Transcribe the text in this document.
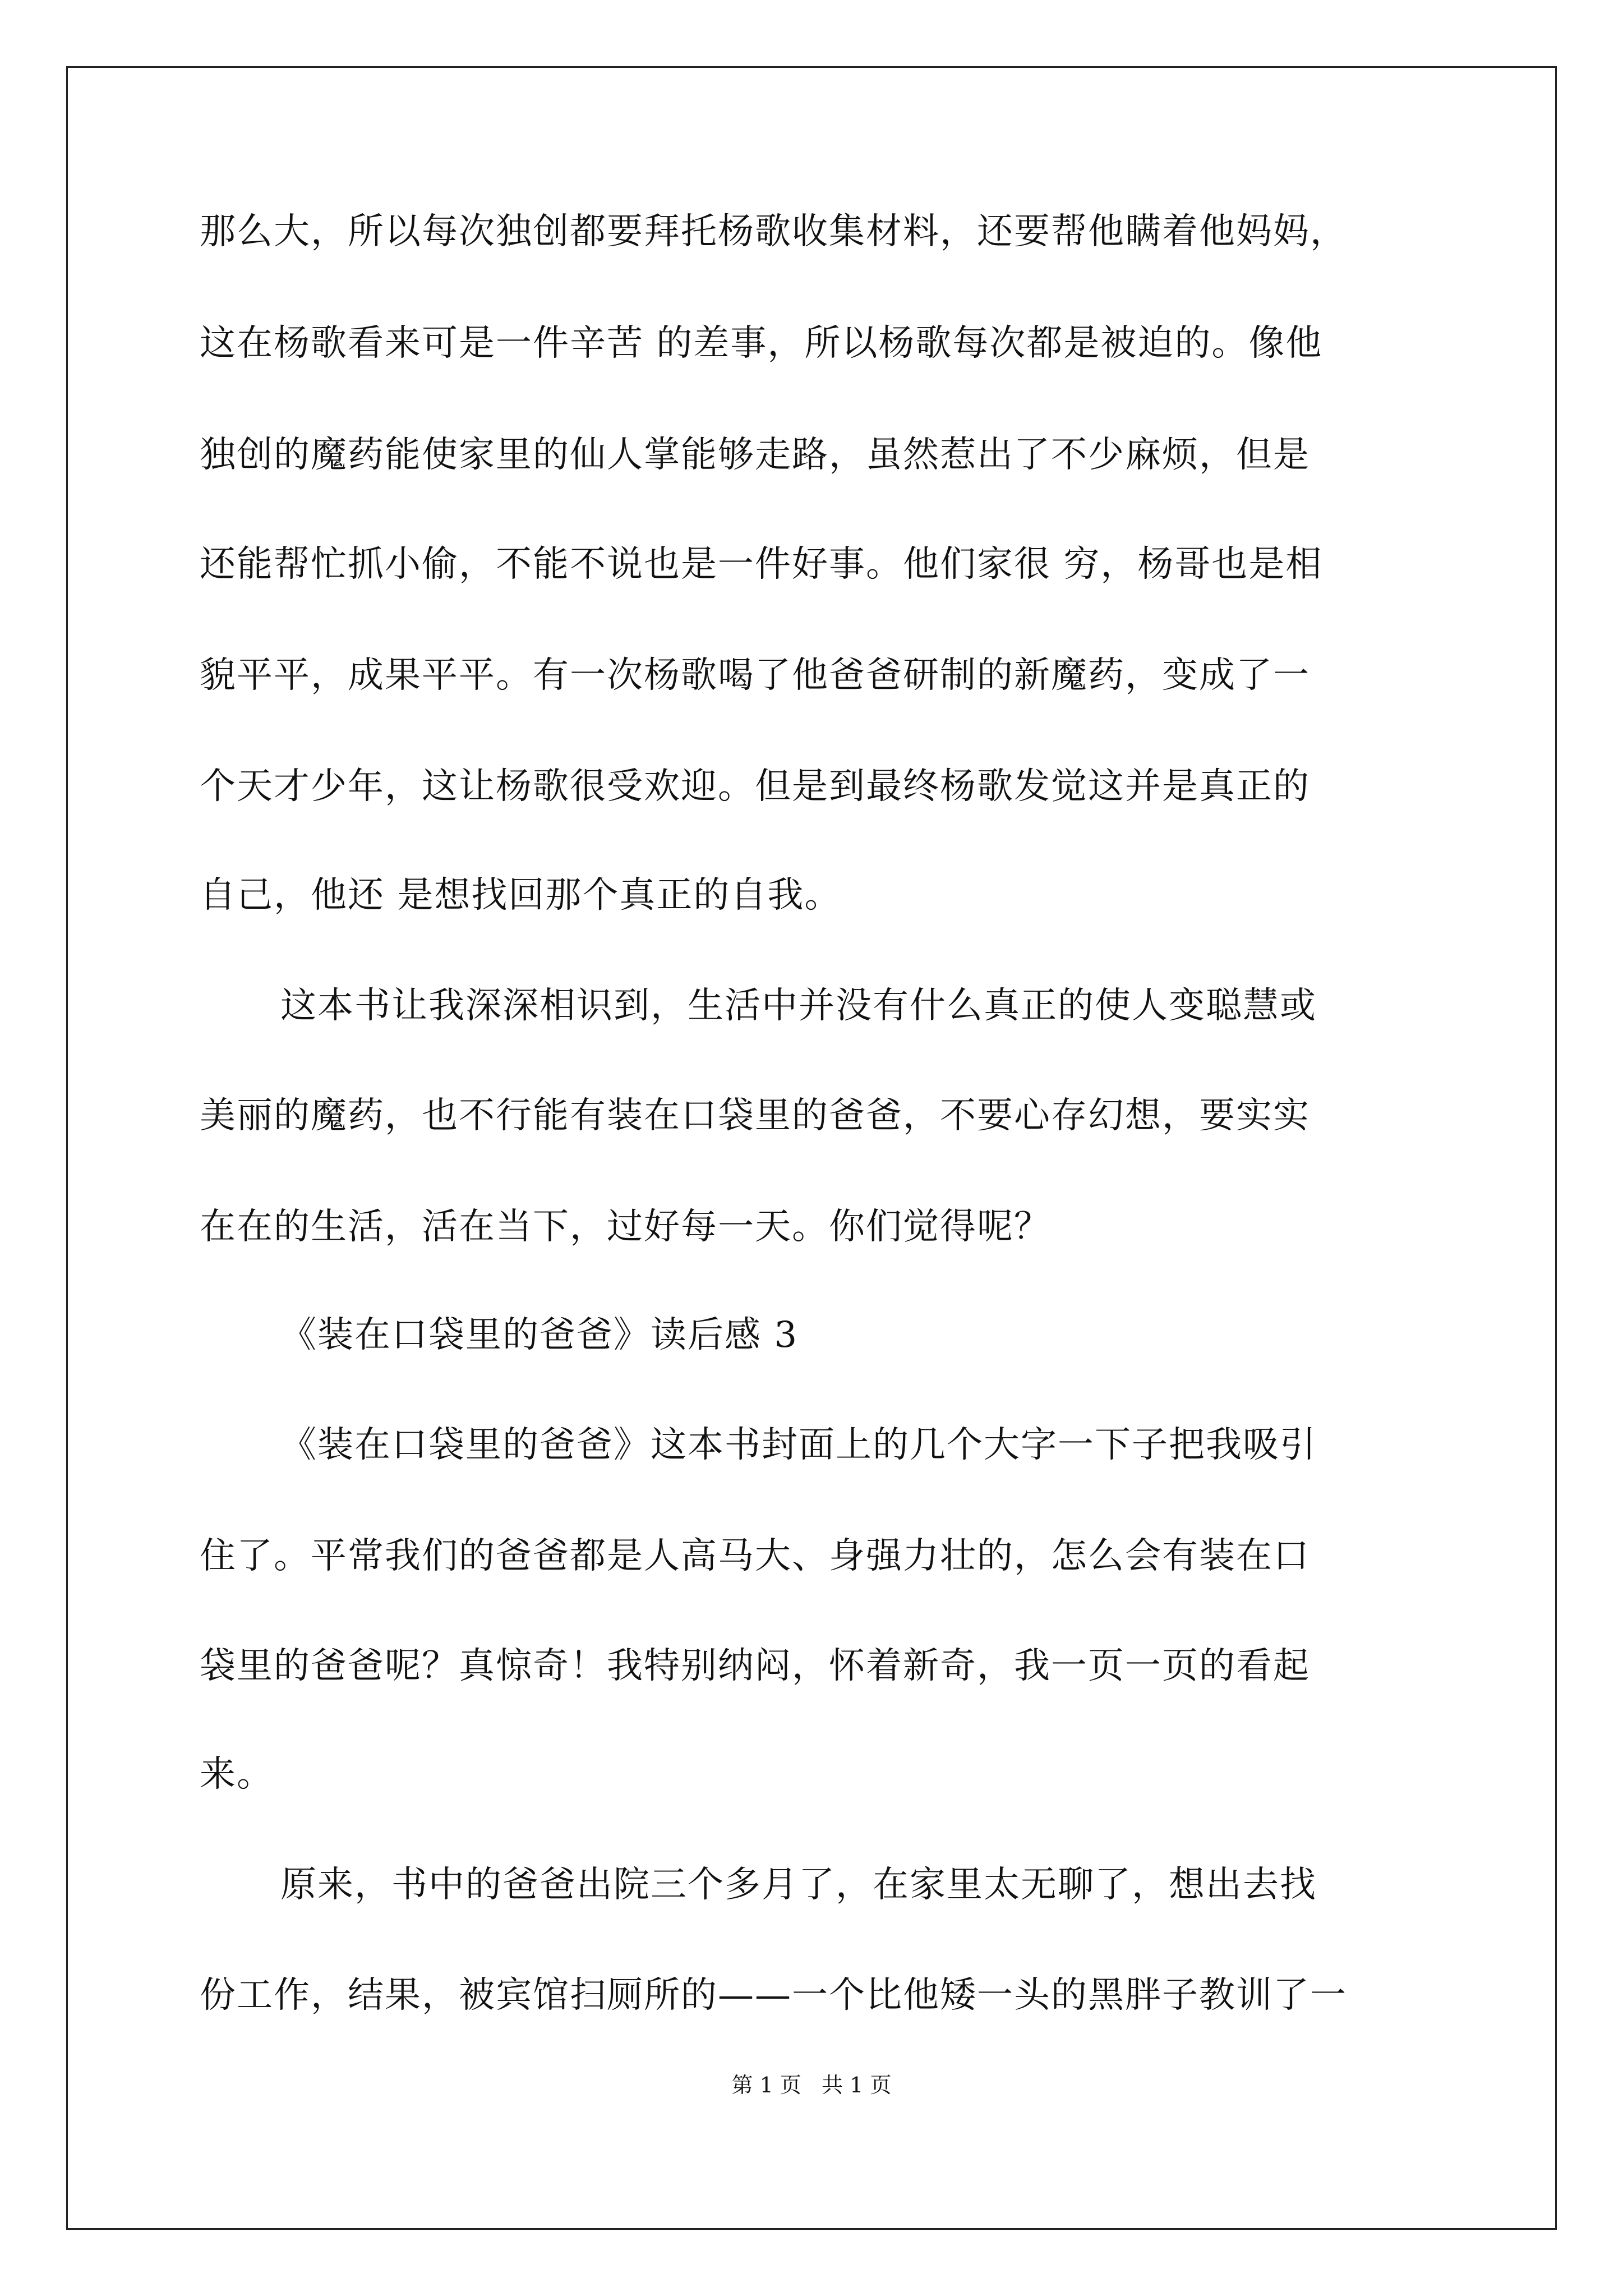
那么大，所以每次独创都要拜托杨歌收集材料，还要帮他瞒着他妈妈，
这在杨歌看来可是一件辛苦 的差事，所以杨歌每次都是被迫的。像他
独创的魔药能使家里的仙人掌能够走路，虽然惹出了不少麻烦，但是
还能帮忙抓小偷，不能不说也是一件好事。他们家很 穷，杨哥也是相
貌平平，成果平平。有一次杨歌喝了他爸爸研制的新魔药，变成了一
个天才少年，这让杨歌很受欢迎。但是到最终杨歌发觉这并是真正的
自己，他还 是想找回那个真正的自我。
这本书让我深深相识到，生活中并没有什么真正的使人变聪慧或
美丽的魔药，也不行能有装在口袋里的爸爸，不要心存幻想，要实实
在在的生活，活在当下，过好每一天。你们觉得呢？
《装在口袋里的爸爸》读后感 3
《装在口袋里的爸爸》这本书封面上的几个大字一下子把我吸引
住了。平常我们的爸爸都是人高马大、身强力壮的，怎么会有装在口
袋里的爸爸呢？真惊奇！我特别纳闷，怀着新奇，我一页一页的看起
来。
原来，书中的爸爸出院三个多月了，在家里太无聊了，想出去找
份工作，结果，被宾馆扫厕所的——一个比他矮一头的黑胖子教训了一
第 1 页   共 1 页
